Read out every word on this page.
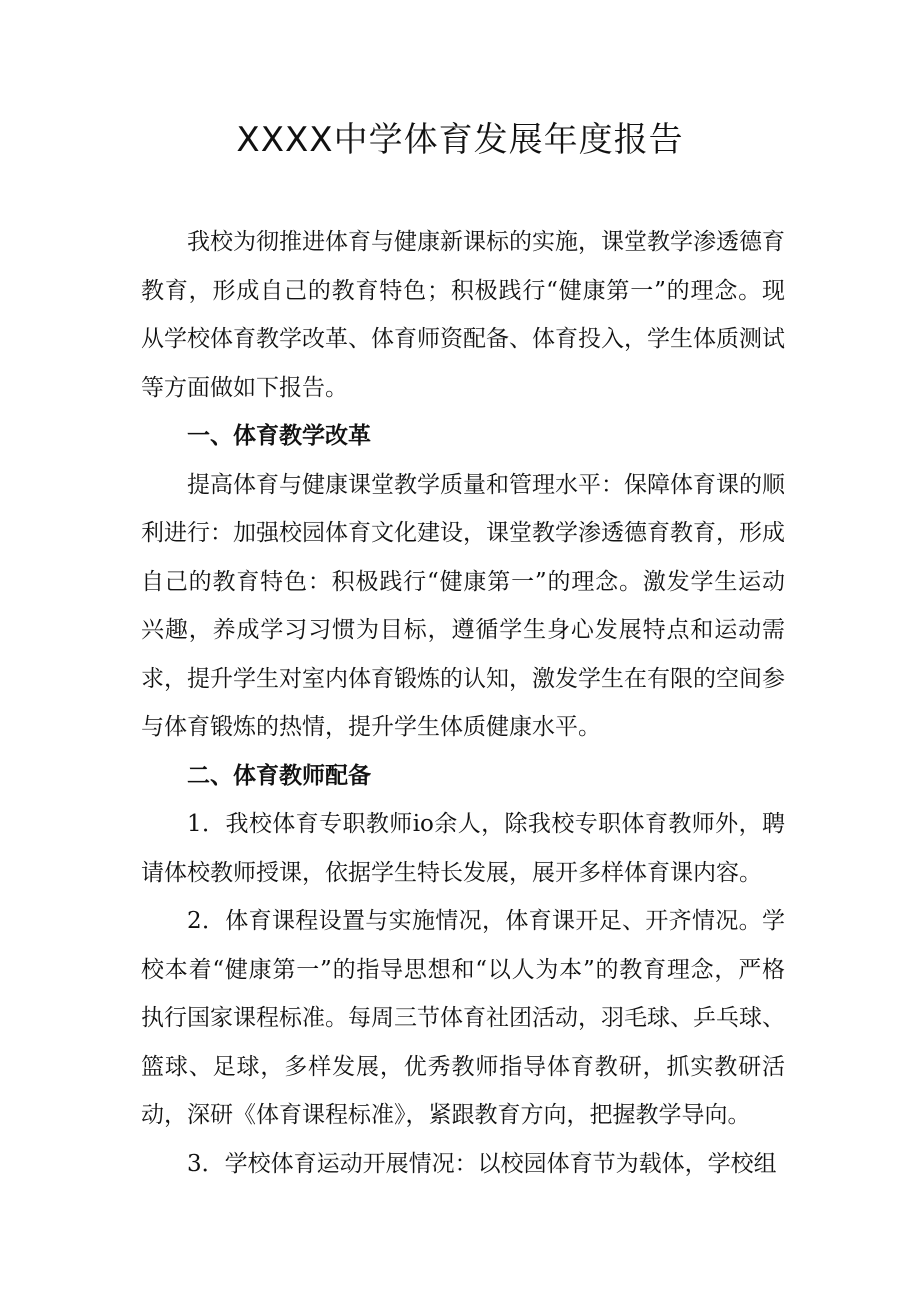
XXXX中学体育发展年度报告

我校为彻推进体育与健康新课标的实施，课堂教学渗透德育教育，形成自己的教育特色；积极践行“健康第一”的理念。现从学校体育教学改革、体育师资配备、体育投入，学生体质测试等方面做如下报告。

一、体育教学改革

提高体育与健康课堂教学质量和管理水平：保障体育课的顺利进行：加强校园体育文化建设，课堂教学渗透德育教育，形成自己的教育特色：积极践行“健康第一”的理念。激发学生运动兴趣，养成学习习惯为目标，遵循学生身心发展特点和运动需求，提升学生对室内体育锻炼的认知，激发学生在有限的空间参与体育锻炼的热情，提升学生体质健康水平。

二、体育教师配备

1．我校体育专职教师io余人，除我校专职体育教师外，聘请体校教师授课，依据学生特长发展，展开多样体育课内容。

2．体育课程设置与实施情况，体育课开足、开齐情况。学校本着“健康第一”的指导思想和“以人为本”的教育理念，严格执行国家课程标准。每周三节体育社团活动，羽毛球、乒乓球、篮球、足球，多样发展，优秀教师指导体育教研，抓实教研活动，深研《体育课程标准》，紧跟教育方向，把握教学导向。

3．学校体育运动开展情况：以校园体育节为载体，学校组
